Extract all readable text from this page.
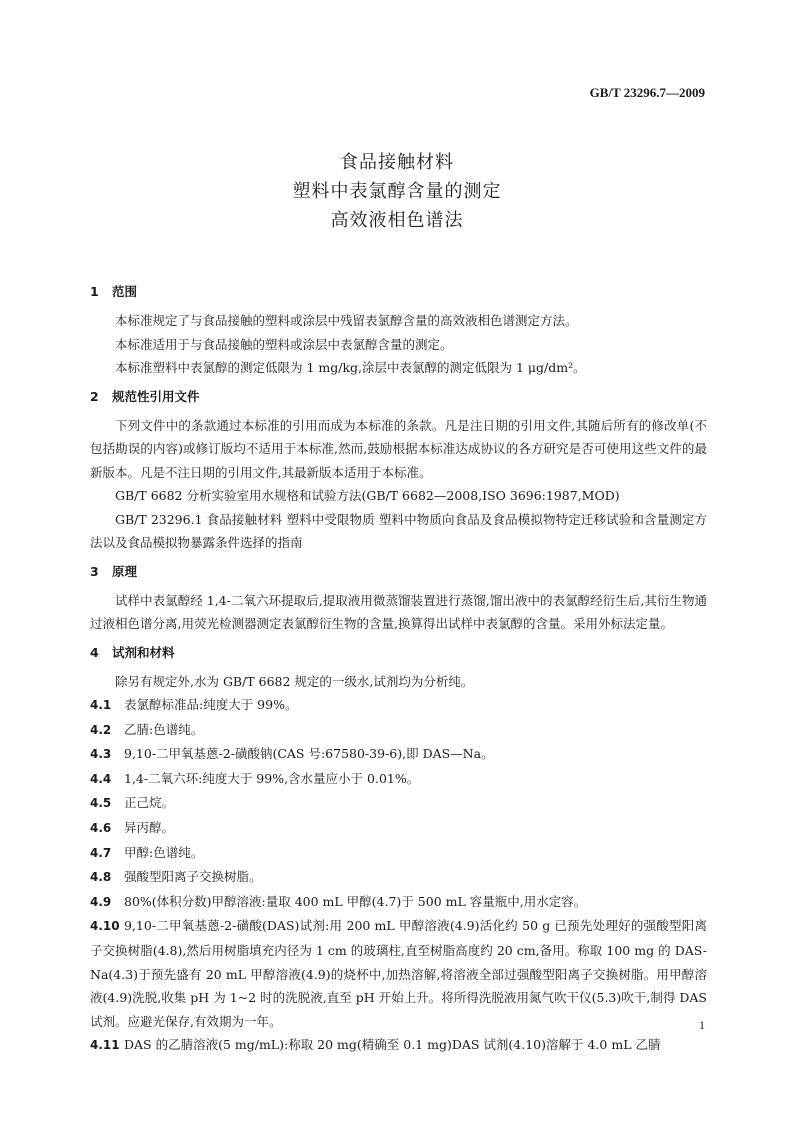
GB/T 23296.7—2009
食品接触材料
塑料中表氯醇含量的测定
高效液相色谱法
1 范围

本标准规定了与食品接触的塑料或涂层中残留表氯醇含量的高效液相色谱测定方法。

本标准适用于与食品接触的塑料或涂层中表氯醇含量的测定。

本标准塑料中表氯醇的测定低限为 1 mg/kg,涂层中表氯醇的测定低限为 1 μg/dm²。

2 规范性引用文件

下列文件中的条款通过本标准的引用而成为本标准的条款。凡是注日期的引用文件,其随后所有的修改单(不包括勘误的内容)或修订版均不适用于本标准,然而,鼓励根据本标准达成协议的各方研究是否可使用这些文件的最新版本。凡是不注日期的引用文件,其最新版本适用于本标准。

GB/T 6682 分析实验室用水规格和试验方法(GB/T 6682—2008,ISO 3696:1987,MOD)

GB/T 23296.1 食品接触材料 塑料中受限物质 塑料中物质向食品及食品模拟物特定迁移试验和含量测定方法以及食品模拟物暴露条件选择的指南

3 原理

试样中表氯醇经 1,4-二氧六环提取后,提取液用微蒸馏装置进行蒸馏,馏出液中的表氯醇经衍生后,其衍生物通过液相色谱分离,用荧光检测器测定表氯醇衍生物的含量,换算得出试样中表氯醇的含量。采用外标法定量。

4 试剂和材料

除另有规定外,水为 GB/T 6682 规定的一级水,试剂均为分析纯。

4.1 表氯醇标准品:纯度大于 99%。

4.2 乙腈:色谱纯。

4.3 9,10-二甲氧基蒽-2-磺酸钠(CAS 号:67580-39-6),即 DAS—Na。

4.4 1,4-二氧六环:纯度大于 99%,含水量应小于 0.01%。

4.5 正己烷。

4.6 异丙醇。

4.7 甲醇:色谱纯。

4.8 强酸型阳离子交换树脂。

4.9 80%(体积分数)甲醇溶液:量取 400 mL 甲醇(4.7)于 500 mL 容量瓶中,用水定容。

4.10 9,10-二甲氧基蒽-2-磺酸(DAS)试剂:用 200 mL 甲醇溶液(4.9)活化约 50 g 已预先处理好的强酸型阳离子交换树脂(4.8),然后用树脂填充内径为 1 cm 的玻璃柱,直至树脂高度约 20 cm,备用。称取 100 mg 的 DAS-Na(4.3)于预先盛有 20 mL 甲醇溶液(4.9)的烧杯中,加热溶解,将溶液全部过强酸型阳离子交换树脂。用甲醇溶液(4.9)洗脱,收集 pH 为 1~2 时的洗脱液,直至 pH 开始上升。将所得洗脱液用氮气吹干仪(5.3)吹干,制得 DAS 试剂。应避光保存,有效期为一年。

4.11 DAS 的乙腈溶液(5 mg/mL):称取 20 mg(精确至 0.1 mg)DAS 试剂(4.10)溶解于 4.0 mL 乙腈

1
